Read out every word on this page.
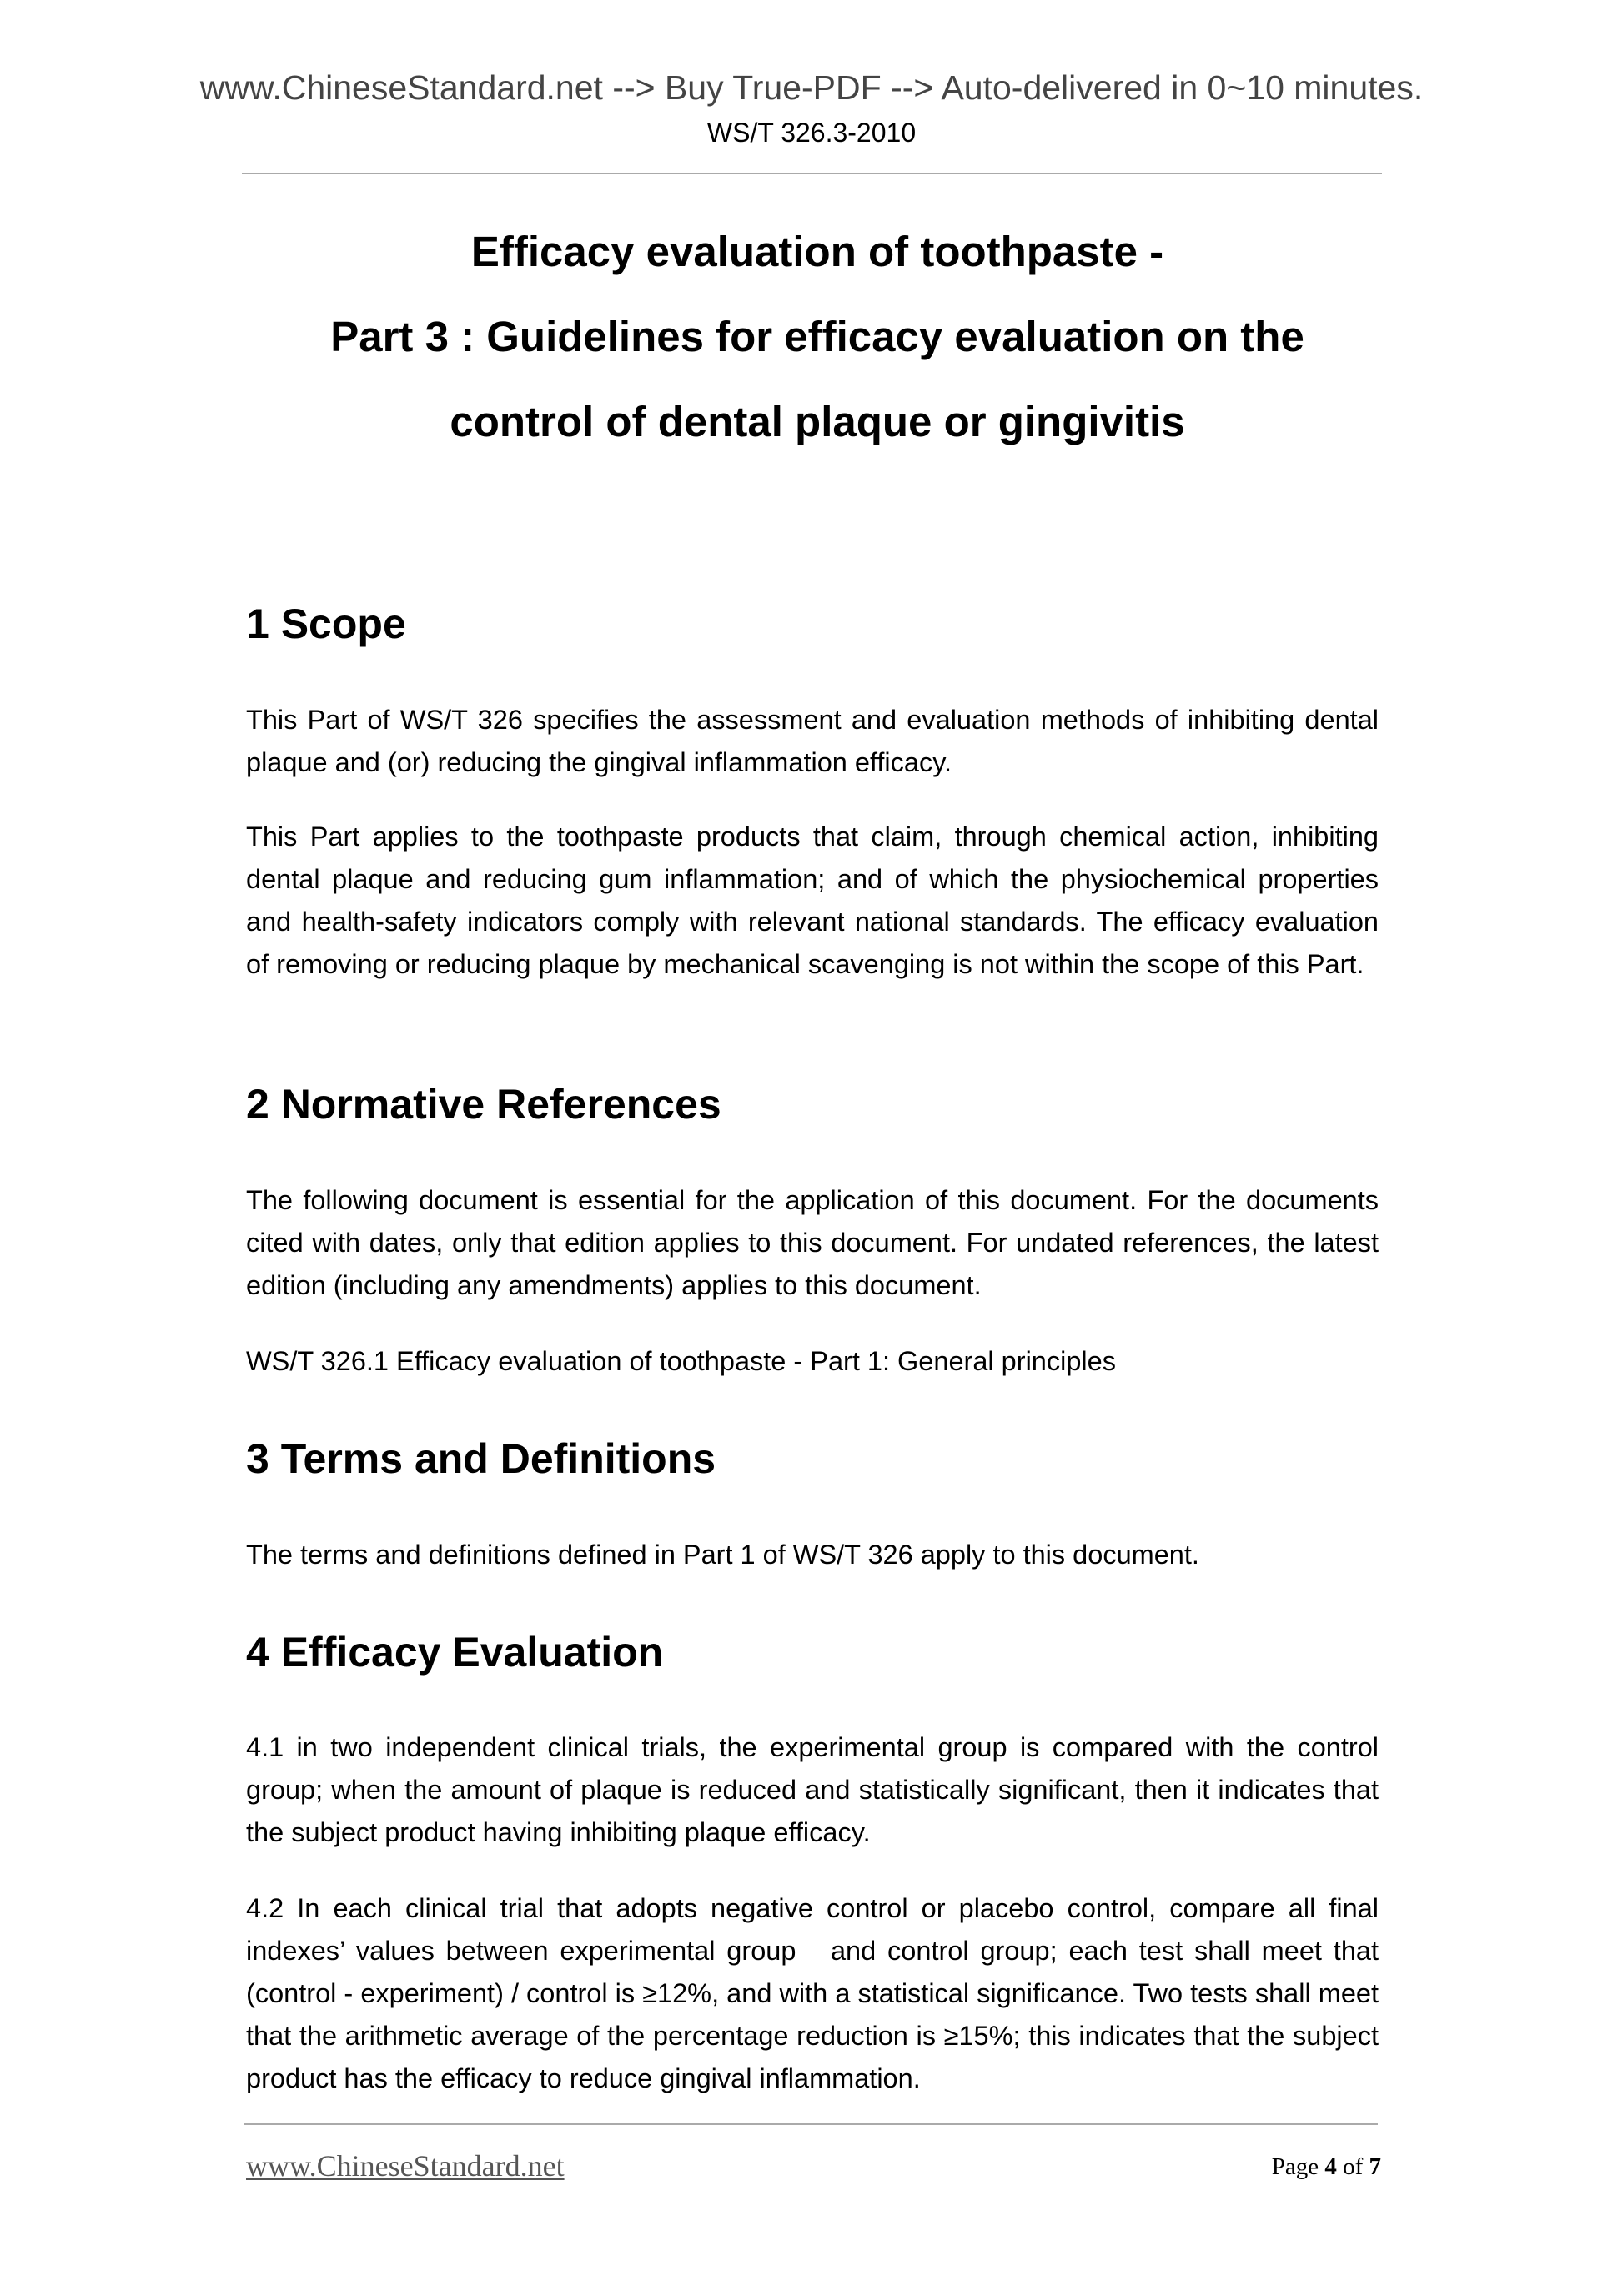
www.ChineseStandard.net --> Buy True-PDF --> Auto-delivered in 0~10 minutes.
WS/T 326.3-2010
Efficacy evaluation of toothpaste -
Part 3 : Guidelines for efficacy evaluation on the
control of dental plaque or gingivitis
1 Scope
This Part of WS/T 326 specifies the assessment and evaluation methods of inhibiting dental plaque and (or) reducing the gingival inflammation efficacy.
This Part applies to the toothpaste products that claim, through chemical action, inhibiting dental plaque and reducing gum inflammation; and of which the physiochemical properties and health-safety indicators comply with relevant national standards. The efficacy evaluation of removing or reducing plaque by mechanical scavenging is not within the scope of this Part.
2 Normative References
The following document is essential for the application of this document. For the documents cited with dates, only that edition applies to this document. For undated references, the latest edition (including any amendments) applies to this document.
WS/T 326.1 Efficacy evaluation of toothpaste - Part 1: General principles
3 Terms and Definitions
The terms and definitions defined in Part 1 of WS/T 326 apply to this document.
4 Efficacy Evaluation
4.1 in two independent clinical trials, the experimental group is compared with the control group; when the amount of plaque is reduced and statistically significant, then it indicates that the subject product having inhibiting plaque efficacy.
4.2 In each clinical trial that adopts negative control or placebo control, compare all final indexes’ values between experimental group   and control group; each test shall meet that (control - experiment) / control is ≥12%, and with a statistical significance. Two tests shall meet that the arithmetic average of the percentage reduction is ≥15%; this indicates that the subject product has the efficacy to reduce gingival inflammation.
www.ChineseStandard.net	Page 4 of 7
